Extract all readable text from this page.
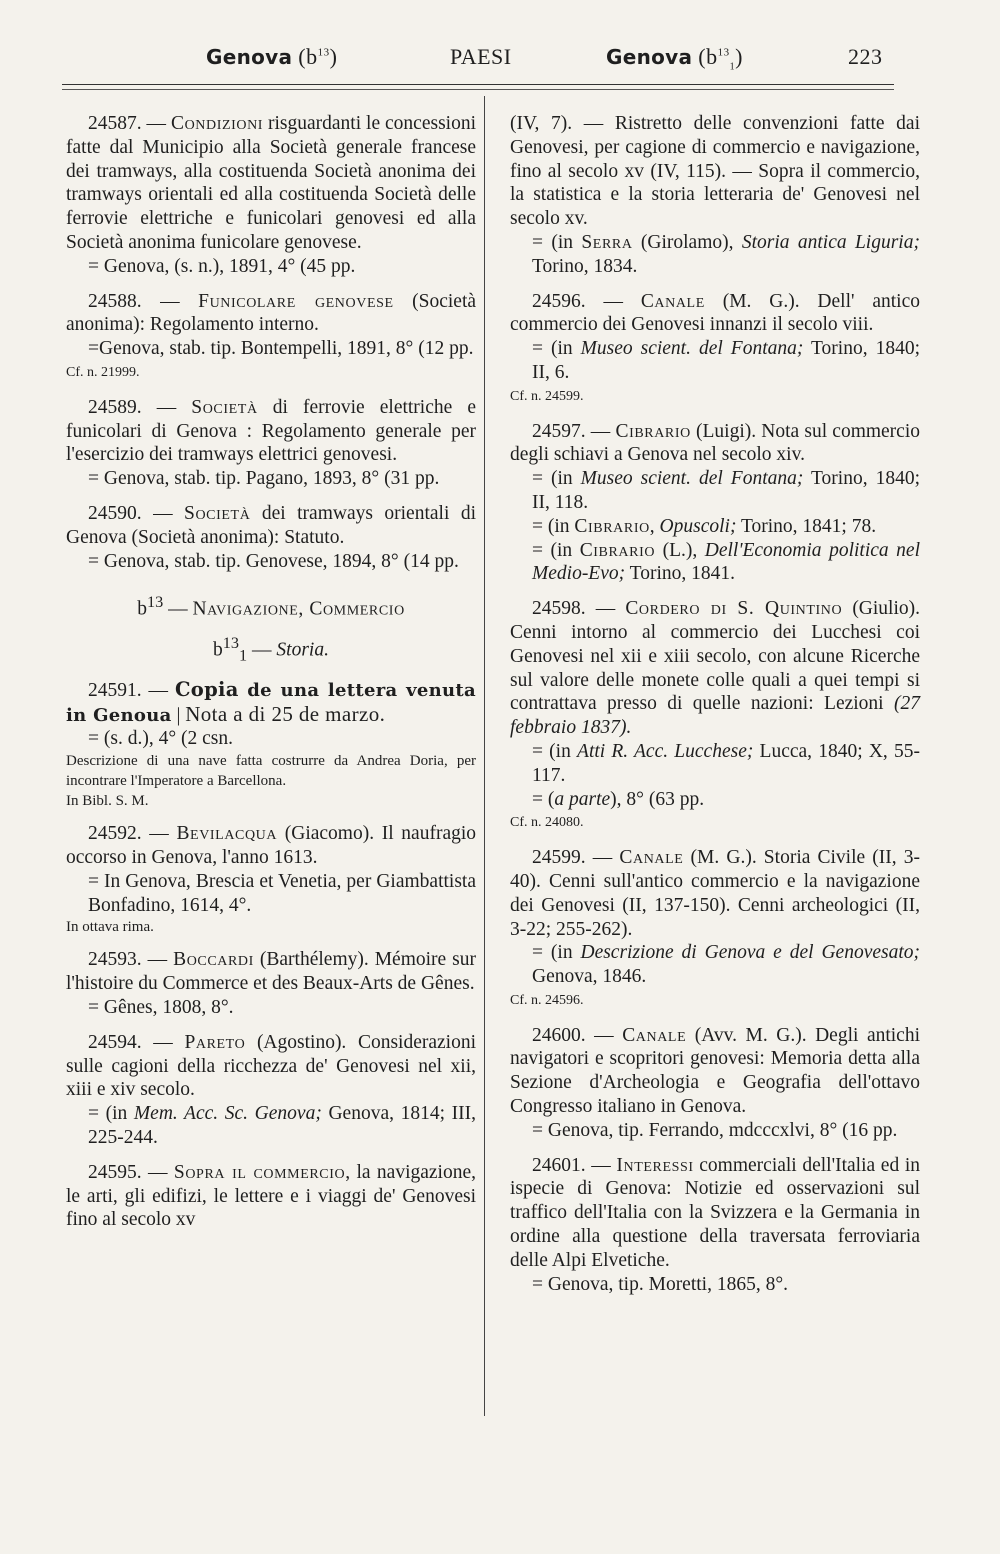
Genova $(b^{13})$	PAESI	Genova $(b^{13}_1)$	223

24587. — Condizioni risguardanti le concessioni fatte dal Municipio alla Società generale francese dei tramways, alla costituenda Società anonima dei tramways orientali ed alla costituenda Società delle ferrovie elettriche e funicolari genovesi ed alla Società anonima funicolare genovese.

= Genova, (s. n.), 1891, 4° (45 pp.

24588. — Funicolare genovese (Società anonima): Regolamento interno.

=Genova, stab. tip. Bontempelli, 1891, 8° (12 pp.

Cf. n. 21999.

24589. — Società di ferrovie elettriche e funicolari di Genova : Regolamento generale per l'esercizio dei tramways elettrici genovesi.

= Genova, stab. tip. Pagano, 1893, 8° (31 pp.

24590. — Società dei tramways orientali di Genova (Società anonima): Statuto.

= Genova, stab. tip. Genovese, 1894, 8° (14 pp.

$b^{13}$ — Navigazione, Commercio

$b^{13}_1$ — Storia.

24591. — Copia de una lettera venuta in Genoua | Nota a di 25 de marzo.

= (s. d.), 4° (2 csn.

Descrizione di una nave fatta costrurre da Andrea Doria, per incontrare l'Imperatore a Barcellona.

In Bibl. S. M.

24592. — Bevilacqua (Giacomo). Il naufragio occorso in Genova, l'anno 1613.

= In Genova, Brescia et Venetia, per Giambattista Bonfadino, 1614, 4°.

In ottava rima.

24593. — Boccardi (Barthélemy). Mémoire sur l'histoire du Commerce et des Beaux-Arts de Gênes.

= Gênes, 1808, 8°.

24594. — Pareto (Agostino). Considerazioni sulle cagioni della ricchezza de' Genovesi nel xii, xiii e xiv secolo.

= (in Mem. Acc. Sc. Genova; Genova, 1814; III, 225-244.

24595. — Sopra il commercio, la navigazione, le arti, gli edifizi, le lettere e i viaggi de' Genovesi fino al secolo xv

(IV, 7). — Ristretto delle convenzioni fatte dai Genovesi, per cagione di commercio e navigazione, fino al secolo xv (IV, 115). — Sopra il commercio, la statistica e la storia letteraria de' Genovesi nel secolo xv.

= (in Serra (Girolamo), Storia antica Liguria; Torino, 1834.

24596. — Canale (M. G.). Dell' antico commercio dei Genovesi innanzi il secolo viii.

= (in Museo scient. del Fontana; Torino, 1840; II, 6.

Cf. n. 24599.

24597. — Cibrario (Luigi). Nota sul commercio degli schiavi a Genova nel secolo xiv.

= (in Museo scient. del Fontana; Torino, 1840; II, 118.

= (in Cibrario, Opuscoli; Torino, 1841; 78.

= (in Cibrario (L.), Dell'Economia politica nel Medio-Evo; Torino, 1841.

24598. — Cordero di S. Quintino (Giulio). Cenni intorno al commercio dei Lucchesi coi Genovesi nel xii e xiii secolo, con alcune Ricerche sul valore delle monete colle quali a quei tempi si contrattava presso di quelle nazioni: Lezioni (27 febbraio 1837).

= (in Atti R. Acc. Lucchese; Lucca, 1840; X, 55-117.

= (a parte), 8° (63 pp.

Cf. n. 24080.

24599. — Canale (M. G.). Storia Civile (II, 3-40). Cenni sull'antico commercio e la navigazione dei Genovesi (II, 137-150). Cenni archeologici (II, 3-22; 255-262).

= (in Descrizione di Genova e del Genovesato; Genova, 1846.

Cf. n. 24596.

24600. — Canale (Avv. M. G.). Degli antichi navigatori e scopritori genovesi: Memoria detta alla Sezione d'Archeologia e Geografia dell'ottavo Congresso italiano in Genova.

= Genova, tip. Ferrando, mdcccxlvi, 8° (16 pp.

24601. — Interessi commerciali dell'Italia ed in ispecie di Genova: Notizie ed osservazioni sul traffico dell'Italia con la Svizzera e la Germania in ordine alla questione della traversata ferroviaria delle Alpi Elvetiche.

= Genova, tip. Moretti, 1865, 8°.
